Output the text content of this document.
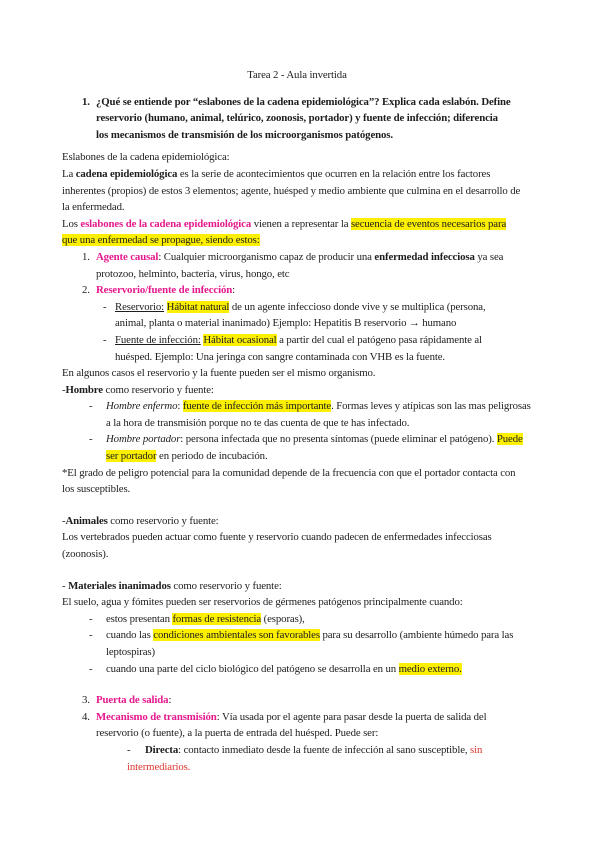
Tarea 2 - Aula invertida
1. ¿Qué se entiende por “eslabones de la cadena epidemiológica”? Explica cada eslabón. Define
reservorio (humano, animal, telúrico, zoonosis, portador) y fuente de infección; diferencia
los mecanismos de transmisión de los microorganismos patógenos.
Eslabones de la cadena epidemiológica:
La cadena epidemiológica es la serie de acontecimientos que ocurren en la relación entre los factores
inherentes (propios) de estos 3 elementos; agente, huésped y medio ambiente que culmina en el desarrollo de
la enfermedad.
Los eslabones de la cadena epidemiológica vienen a representar la secuencia de eventos necesarios para
que una enfermedad se propague, siendo estos:
1. Agente causal: Cualquier microorganismo capaz de producir una enfermedad infecciosa ya sea
protozoo, helminto, bacteria, virus, hongo, etc
2. Reservorio/fuente de infección:
- Reservorio: Hábitat natural de un agente infeccioso donde vive y se multiplica (persona,
animal, planta o material inanimado) Ejemplo: Hepatitis B reservorio → humano
- Fuente de infección: Hábitat ocasional a partir del cual el patógeno pasa rápidamente al
huésped. Ejemplo: Una jeringa con sangre contaminada con VHB es la fuente.
En algunos casos el reservorio y la fuente pueden ser el mismo organismo.
-Hombre como reservorio y fuente:
- Hombre enfermo: fuente de infección más importante. Formas leves y atípicas son las mas peligrosas
a la hora de transmisión porque no te das cuenta de que te has infectado.
- Hombre portador: persona infectada que no presenta síntomas (puede eliminar el patógeno). Puede
ser portador en periodo de incubación.
*El grado de peligro potencial para la comunidad depende de la frecuencia con que el portador contacta con
los susceptibles.
-Animales como reservorio y fuente:
Los vertebrados pueden actuar como fuente y reservorio cuando padecen de enfermedades infecciosas
(zoonosis).
- Materiales inanimados como reservorio y fuente:
El suelo, agua y fómites pueden ser reservorios de gérmenes patógenos principalmente cuando:
- estos presentan formas de resistencia (esporas),
- cuando las condiciones ambientales son favorables para su desarrollo (ambiente húmedo para las
leptospiras)
- cuando una parte del ciclo biológico del patógeno se desarrolla en un medio externo.
3. Puerta de salida:
4. Mecanismo de transmisión: Vía usada por el agente para pasar desde la puerta de salida del
reservorio (o fuente), a la puerta de entrada del huésped. Puede ser:
- Directa: contacto inmediato desde la fuente de infección al sano susceptible, sin
intermediarios.
